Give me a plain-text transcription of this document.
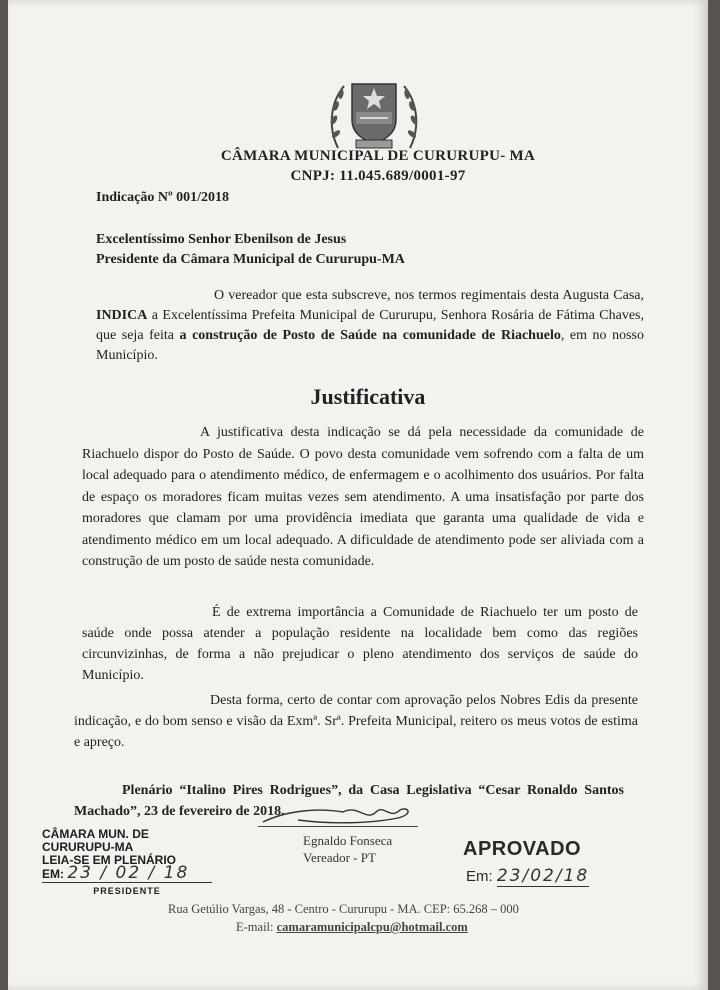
CÂMARA MUNICIPAL DE CURURUPU- MA
CNPJ: 11.045.689/0001-97
Indicação Nº 001/2018
Excelentíssimo Senhor Ebenilson de Jesus
Presidente da Câmara Municipal de Cururupu-MA
O vereador que esta subscreve, nos termos regimentais desta Augusta Casa, INDICA a Excelentíssima Prefeita Municipal de Cururupu, Senhora Rosária de Fátima Chaves, que seja feita a construção de Posto de Saúde na comunidade de Riachuelo, em no nosso Município.
Justificativa
A justificativa desta indicação se dá pela necessidade da comunidade de Riachuelo dispor do Posto de Saúde. O povo desta comunidade vem sofrendo com a falta de um local adequado para o atendimento médico, de enfermagem e o acolhimento dos usuários. Por falta de espaço os moradores ficam muitas vezes sem atendimento. A uma insatisfação por parte dos moradores que clamam por uma providência imediata que garanta uma qualidade de vida e atendimento médico em um local adequado. A dificuldade de atendimento pode ser aliviada com a construção de um posto de saúde nesta comunidade.
É de extrema importância a Comunidade de Riachuelo ter um posto de saúde onde possa atender a população residente na localidade bem como das regiões circunvizinhas, de forma a não prejudicar o pleno atendimento dos serviços de saúde do Município.
Desta forma, certo de contar com aprovação pelos Nobres Edis da presente indicação, e do bom senso e visão da Exmª. Srª. Prefeita Municipal, reitero os meus votos de estima e apreço.
Plenário “Italino Pires Rodrigues”, da Casa Legislativa “Cesar Ronaldo Santos Machado”, 23 de fevereiro de 2018.
Egnaldo Fonseca
Vereador - PT
CÂMARA MUN. DE CURURUPU-MA
LEIA-SE EM PLENÁRIO
EM: 23 / 02 / 18
PRESIDENTE
APROVADO
Em: 23/02/18
Rua Getúlio Vargas, 48 - Centro - Cururupu - MA. CEP: 65.268 – 000
E-mail: camaramunicipalcpu@hotmail.com
